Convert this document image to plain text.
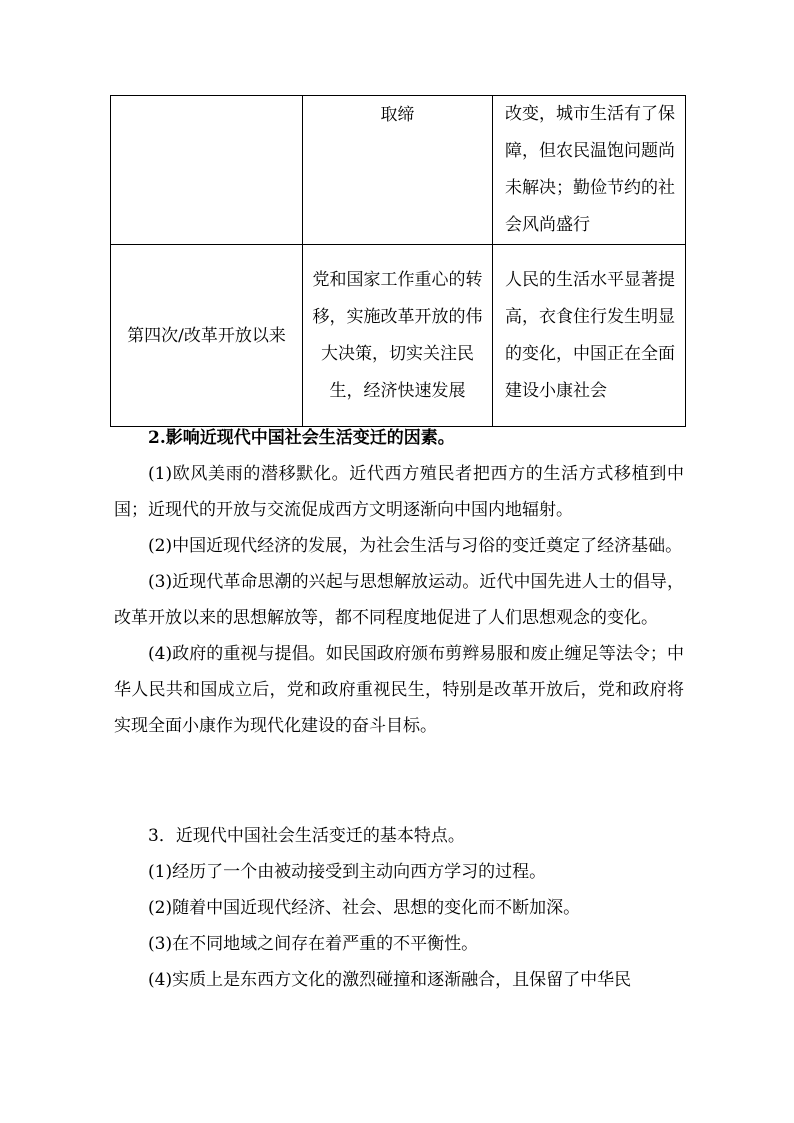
	取缔	改变，城市生活有了保障，但农民温饱问题尚未解决；勤俭节约的社会风尚盛行

第四次/改革开放以来	党和国家工作重心的转移，实施改革开放的伟大决策，切实关注民生，经济快速发展	人民的生活水平显著提高，衣食住行发生明显的变化，中国正在全面建设小康社会

2.影响近现代中国社会生活变迁的因素。

(1)欧风美雨的潜移默化。近代西方殖民者把西方的生活方式移植到中国；近现代的开放与交流促成西方文明逐渐向中国内地辐射。

(2)中国近现代经济的发展，为社会生活与习俗的变迁奠定了经济基础。

(3)近现代革命思潮的兴起与思想解放运动。近代中国先进人士的倡导，改革开放以来的思想解放等，都不同程度地促进了人们思想观念的变化。

(4)政府的重视与提倡。如民国政府颁布剪辫易服和废止缠足等法令；中华人民共和国成立后，党和政府重视民生，特别是改革开放后，党和政府将实现全面小康作为现代化建设的奋斗目标。

3．近现代中国社会生活变迁的基本特点。

(1)经历了一个由被动接受到主动向西方学习的过程。

(2)随着中国近现代经济、社会、思想的变化而不断加深。

(3)在不同地域之间存在着严重的不平衡性。

(4)实质上是东西方文化的激烈碰撞和逐渐融合，且保留了中华民
